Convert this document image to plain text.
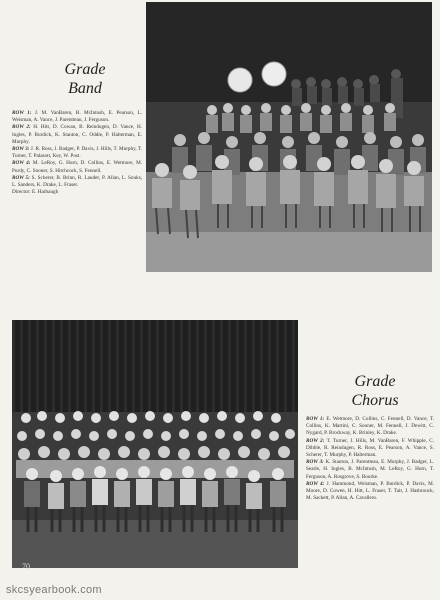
Grade
Band
ROW 1: J. M. VanBaren, B. McIntosh, E. Pearson, L. Weisman, A. Vance, J. Parentteau, J. Ferguson.
ROW 2: H. Hitt, D. Cowan, B. Reindugen, D. Vance, H. Ingles, P. Burdick, K. Stanton, C. Oddie, P. Halterman, E. Murphy.
ROW 3: J. R. Ross, J. Badger, P. Davis, J. Hills, T. Murphy, T. Turner, T. Palasott, Key, W. Post.
ROW 4: M. LeRoy, G. Horn, D. Collins, E. Wetmore, M. Purdy, C. Sooner, S. Hitchcock, S. Fennell.
ROW 5: S. Scherer, B. Brinn, R. Lauder, P. Allan, L. Souks, L. Sanders, K. Drake, L. Fraser.
Director: E. Harbaugh
Grade
Chorus
ROW 1: E. Wetmore, D. Collins, C. Fennell, D. Vance, T. Collins, K. Martini, C. Sooner, M. Fennell, J. Dewitt, C. Nygard, P. Brockway, K. Brinley, K. Drake.
ROW 2: T. Turner, J. Hills, M. VanBaren, F. Whipple, C. Dibble, R. Reindugen, R. Ross, E. Pearson, A. Vance, S. Scherer, T. Murphy, P. Halterman.
ROW 3: K. Stanton, J. Parentteau, E. Murphy, J. Badger, L. Searle, H. Ingles, B. McIntosh, M. LeRoy, G. Horn, T. Ferguson, A. Rosgrove, S. Bourke.
ROW 4: J. Hammond, Weisman, P. Burdick, P. Davis, M. Moore, D. Cowen, H. Hitt, L. Fraser, T. Tait, J. Hasbrouck, M. Sackett, P. Allan, A. Cavallero.
70
skcsyearbook.com
